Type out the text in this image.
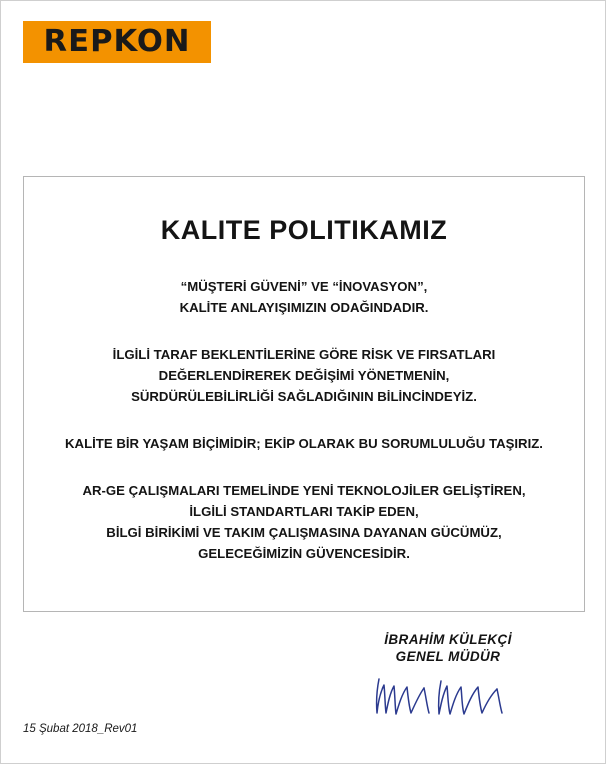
REPKON
KALITE POLITIKAMIZ
“MÜŞTERİ GÜVENİ” VE “İNOVASYON”,
KALİTE ANLAYIŞIMIZIN ODAĞINDADIR.
İLGİLİ TARAF BEKLENTİLERİNE GÖRE RİSK VE FIRSATLARI
DEĞERLENDİREREK DEĞİŞİMİ YÖNETMENİN,
SÜRDÜRÜLEBİLİRLİĞİ SAĞLADIĞININ BİLİNCİNDEYİZ.
KALİTE BİR YAŞAM BİÇİMİDİR; EKİP OLARAK BU SORUMLULUĞU TAŞIRIZ.
AR-GE ÇALIŞMALARI TEMELİNDE YENİ TEKNOLOJİLER GELİŞTİREN,
İLGİLİ STANDARTLARI TAKİP EDEN,
BİLGİ BİRİKİMİ VE TAKIM ÇALIŞMASINA DAYANAN GÜCÜMÜZ,
GELECEĞİMİZİN GÜVENCESİDİR.
İBRAHİM KÜLEKÇİ
GENEL MÜDÜR
15 Şubat 2018_Rev01
